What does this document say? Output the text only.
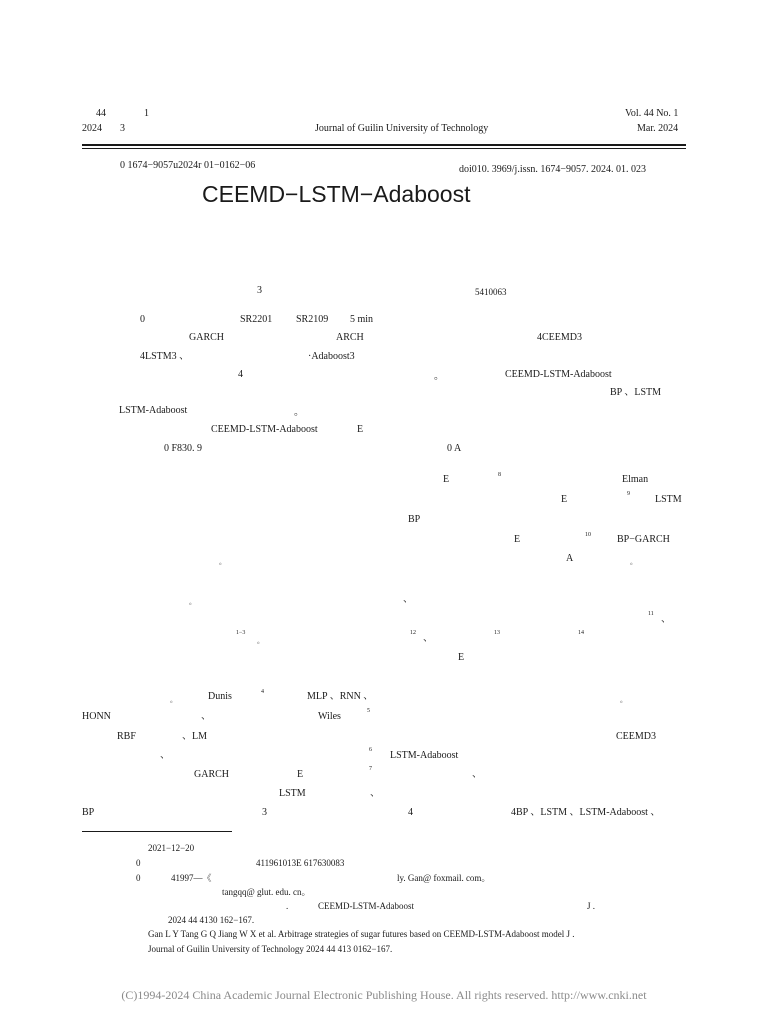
44	1
2024 3	Journal of Guilin University of Technology
Vol. 44 No. 1
Mar. 2024
0 1674−9057u2024r 01−0162−06	doi010. 3969/j.issn. 1674−9057. 2024. 01. 023
CEEMD−LSTM−Adaboost
3	5410063
0	SR2201 SR2109 5 min
GARCH	ARCH	4CEEMD3
4LSTM3 、	·Adaboost3
4	。	CEEMD-LSTM-Adaboost
BP 、LSTM
LSTM-Adaboost	。
CEEMD-LSTM-Adaboost	E
0 F830. 9	0 A
E	8	Elman
E	9	LSTM
BP
E	10	BP−GARCH
。	A	。
。	、
11 、
1−3
。
12 、	13	14
E
。	Dunis	4	MLP 、RNN 、	。
HONN	、	Wiles	5
RBF	、LM	CEEMD3
、	6 LSTM-Adaboost
GARCH	E	7	、
LSTM	、
BP	3	4	4BP 、LSTM 、LSTM-Adaboost 、
2021−12−20
0	411961013E 617630083
0	41997—《	ly. Gan@ foxmail. com。
tangqq@ glut. edu. cn。
.	CEEMD-LSTM-Adaboost	J .
2024 44 4130 162−167.
Gan L Y Tang G Q Jiang W X et al. Arbitrage strategies of sugar futures based on CEEMD-LSTM-Adaboost model J .
Journal of Guilin University of Technology 2024 44 413 0162−167.
(C)1994-2024 China Academic Journal Electronic Publishing House. All rights reserved. http://www.cnki.net
